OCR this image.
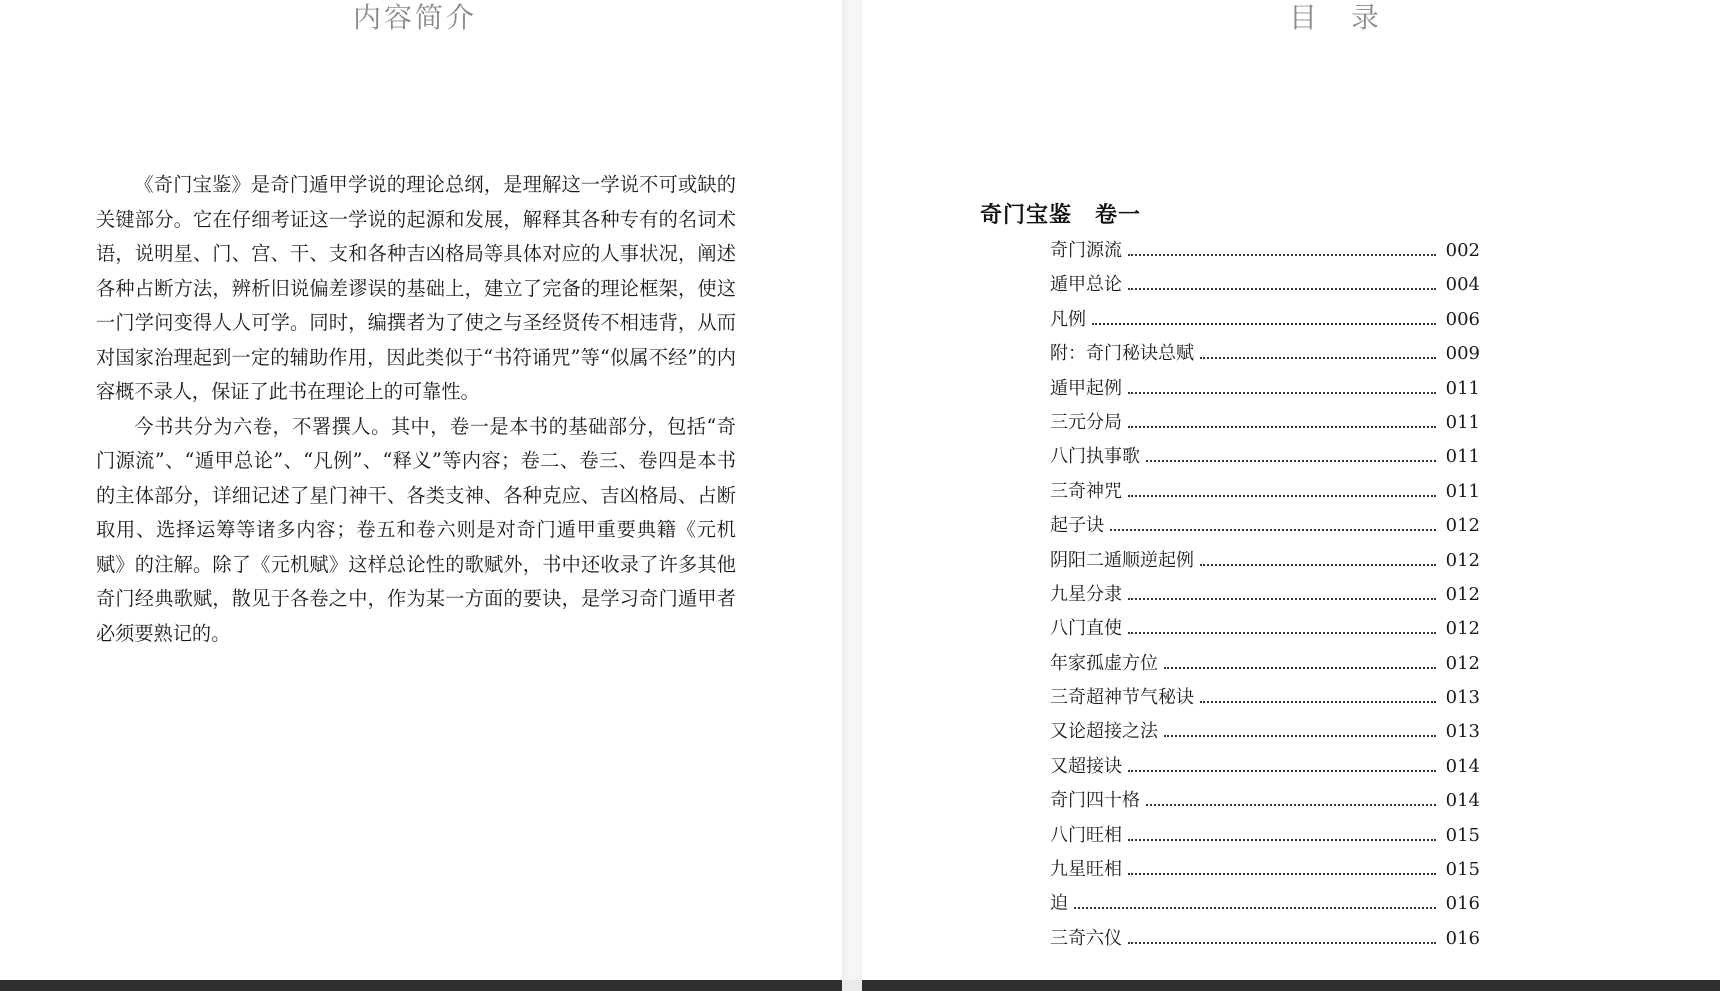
内容简介

《奇门宝鉴》是奇门遁甲学说的理论总纲，是理解这一学说不可或缺的关键部分。它在仔细考证这一学说的起源和发展，解释其各种专有的名词术语，说明星、门、宫、干、支和各种吉凶格局等具体对应的人事状况，阐述各种占断方法，辨析旧说偏差谬误的基础上，建立了完备的理论框架，使这一门学问变得人人可学。同时，编撰者为了使之与圣经贤传不相违背，从而对国家治理起到一定的辅助作用，因此类似于“书符诵咒”等“似属不经”的内容概不录人，保证了此书在理论上的可靠性。

今书共分为六卷，不署撰人。其中，卷一是本书的基础部分，包括“奇门源流”、“遁甲总论”、“凡例”、“释义”等内容；卷二、卷三、卷四是本书的主体部分，详细记述了星门神干、各类支神、各种克应、吉凶格局、占断取用、选择运筹等诸多内容；卷五和卷六则是对奇门遁甲重要典籍《元机赋》的注解。除了《元机赋》这样总论性的歌赋外，书中还收录了许多其他奇门经典歌赋，散见于各卷之中，作为某一方面的要诀，是学习奇门遁甲者必须要熟记的。

目　录
奇门宝鉴　卷一
奇门源流	002
遁甲总论	004
凡例	006
附：奇门秘诀总赋	009
遁甲起例	011
三元分局	011
八门执事歌	011
三奇神咒	011
起子诀	012
阴阳二遁顺逆起例	012
九星分隶	012
八门直使	012
年家孤虚方位	012
三奇超神节气秘诀	013
又论超接之法	013
又超接诀	014
奇门四十格	014
八门旺相	015
九星旺相	015
迫	016
三奇六仪	016
